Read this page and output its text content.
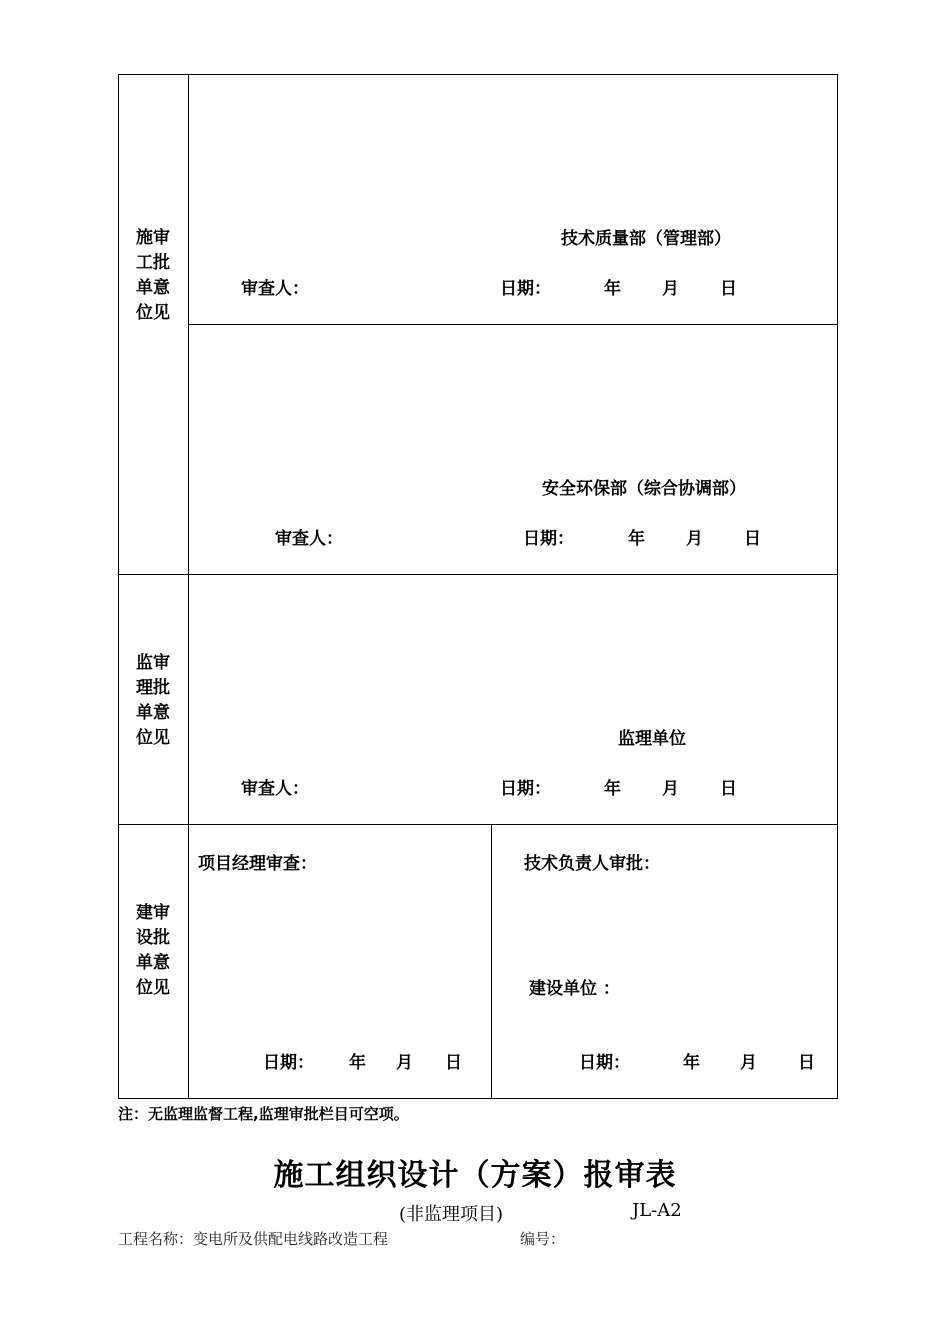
施审
工批
单意
位见
技术质量部（管理部）
审查人：	日期：	年 月 日
安全环保部（综合协调部）
审查人：	日期：	年 月 日
监审
理批
单意
位见	监理单位
审查人：	日期：	年 月 日
建审
设批
单意
位见
项目经理审查：
日期： 年 月 日
技术负责人审批：
建设单位 ：
日期：	年 月 日
注：无监理监督工程,监理审批栏目可空项。
施工组织设计（方案）报审表
(非监理项目)	JL-A2
工程名称：变电所及供配电线路改造工程	编号：
